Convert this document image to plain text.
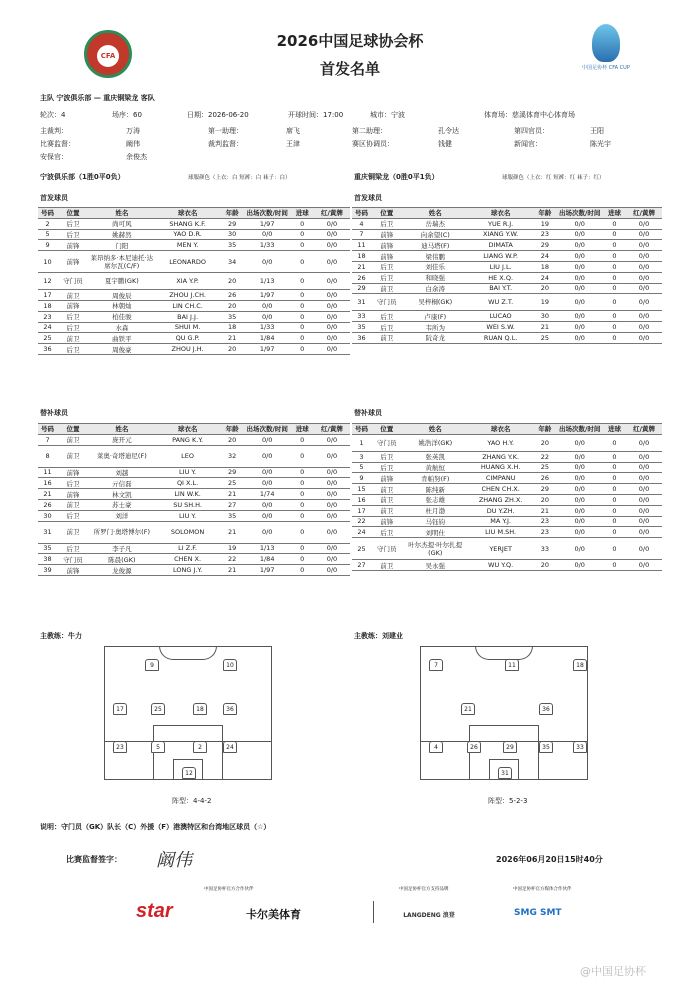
CFA
2026中国足球协会杯
首发名单	中国足协杯 CFA CUP
主队 宁波俱乐部 — 重庆铜梁龙 客队
轮次：4	场序：60	日期：2026-06-20	开球时间：17:00	城市：宁波	体育场：慈溪体育中心体育场
主裁判：	万涛	第一助理：	席飞	第二助理：	孔令达	第四官员：	王阳
比赛监督：	阚伟	裁判监督：	王津	赛区协调员：	钱健	新闻官：	陈光宇
安保官：	余俊杰
宁波俱乐部（1胜0平0负）	球服颜色（上衣：白 短裤：白 袜子：白）	重庆铜梁龙（0胜0平1负）	球服颜色（上衣：红 短裤：红 袜子：红）
首发球员	首发球员
号码	位置	姓名	球衣名	年龄	出场次数/时间	进球	红/黄牌
2	后卫	尚可风	SHANG K.F.	29	1/97	0	0/0
5	后卫	姚赫然	YAO D.R.	30	0/0	0	0/0
9	前锋	门阳	MEN Y.	35	1/33	0	0/0
10	前锋	莱昂纳多·本尼迪托·达席尔瓦(C/F)	LEONARDO	34	0/0	0	0/0
12	守门员	夏宇鹏(GK)	XIA Y.P.	20	1/13	0	0/0
17	前卫	周俊辰	ZHOU J.CH.	26	1/97	0	0/0
18	前锋	林朝灿	LIN CH.C.	20	0/0	0	0/0
23	后卫	柏佳骏	BAI J.J.	35	0/0	0	0/0
24	后卫	水森	SHUI M.	18	1/33	0	0/0
25	前卫	曲铁平	QU G.P.	21	1/84	0	0/0
36	后卫	周俊豪	ZHOU J.H.	20	1/97	0	0/0
号码	位置	姓名	球衣名	年龄	出场次数/时间	进球	红/黄牌
4	后卫	岳瑞杰	YUE R.J.	19	0/0	0	0/0
7	前锋	向余望(C)	XIANG Y.W.	23	0/0	0	0/0
11	前锋	迪马塔(F)	DIMATA	29	0/0	0	0/0
18	前锋	梁伟鹏	LIANG W.P.	24	0/0	0	0/0
21	后卫	刘佳乐	LIU J.L.	18	0/0	0	0/0
26	后卫	和晓强	HE X.Q.	24	0/0	0	0/0
29	前卫	白余涛	BAI Y.T.	20	0/0	0	0/0
31	守门员	吴梓桐(GK)	WU Z.T.	19	0/0	0	0/0
33	后卫	卢康(F)	LUCAO	30	0/0	0	0/0
35	后卫	韦所为	WEI S.W.	21	0/0	0	0/0
36	前卫	阮奇龙	RUAN Q.L.	25	0/0	0	0/0
替补球员	替补球员
号码	位置	姓名	球衣名	年龄	出场次数/时间	进球	红/黄牌
7	前卫	庞开元	PANG K.Y.	20	0/0	0	0/0
8	前卫	莱奥·奇塔迪尼(F)	LEO	32	0/0	0	0/0
11	前锋	刘越	LIU Y.	29	0/0	0	0/0
16	后卫	亓信磊	QI X.L.	25	0/0	0	0/0
21	前锋	林文凯	LIN W.K.	21	1/74	0	0/0
26	前卫	苏士豪	SU SH.H.	27	0/0	0	0/0
30	后卫	刘洋	LIU Y.	35	0/0	0	0/0
31	前卫	所罗门·奥塔博尔(F)	SOLOMON	21	0/0	0	0/0
35	后卫	李子凡	LI Z.F.	19	1/13	0	0/0
38	守门员	陈晨(GK)	CHEN X.	22	1/84	0	0/0
39	前锋	龙俊源	LONG J.Y.	21	1/97	0	0/0
号码	位置	姓名	球衣名	年龄	出场次数/时间	进球	红/黄牌
1	守门员	姚浩洋(GK)	YAO H.Y.	20	0/0	0	0/0
3	后卫	张英凯	ZHANG Y.K.	22	0/0	0	0/0
5	后卫	黄航恒	HUANG X.H.	25	0/0	0	0/0
9	前锋	肯帕努(F)	CIMPANU	26	0/0	0	0/0
15	前卫	陈纯新	CHEN CH.X.	29	0/0	0	0/0
16	前卫	张志雄	ZHANG ZH.X.	20	0/0	0	0/0
17	前卫	杜月渤	DU Y.ZH.	21	0/0	0	0/0
22	前锋	马钰钧	MA Y.J.	23	0/0	0	0/0
24	后卫	刘明仕	LIU M.SH.	23	0/0	0	0/0
25	守门员	叶尔杰提·叶尔扎提(GK)	YERJET	33	0/0	0	0/0
27	前卫	吴永强	WU Y.Q.	20	0/0	0	0/0
主教练：牛力	主教练：刘建业
9	10
17	36
25	18
23	5	2	24
12
7	11	18
21	36
4	26	29	35	33
31
阵型：4-4-2	阵型：5-2-3
说明：守门员（GK）队长（C）外援（F）港澳特区和台湾地区球员（☆）
比赛监督签字： 阚伟	2026年06月20日15时40分
中国足协杯官方合作伙伴	中国足协杯官方支持品牌	中国足协杯官方媒体合作伙伴
star	卡尔美体育	LANGDENG 浪登	SMG SMT
@中国足协杯
